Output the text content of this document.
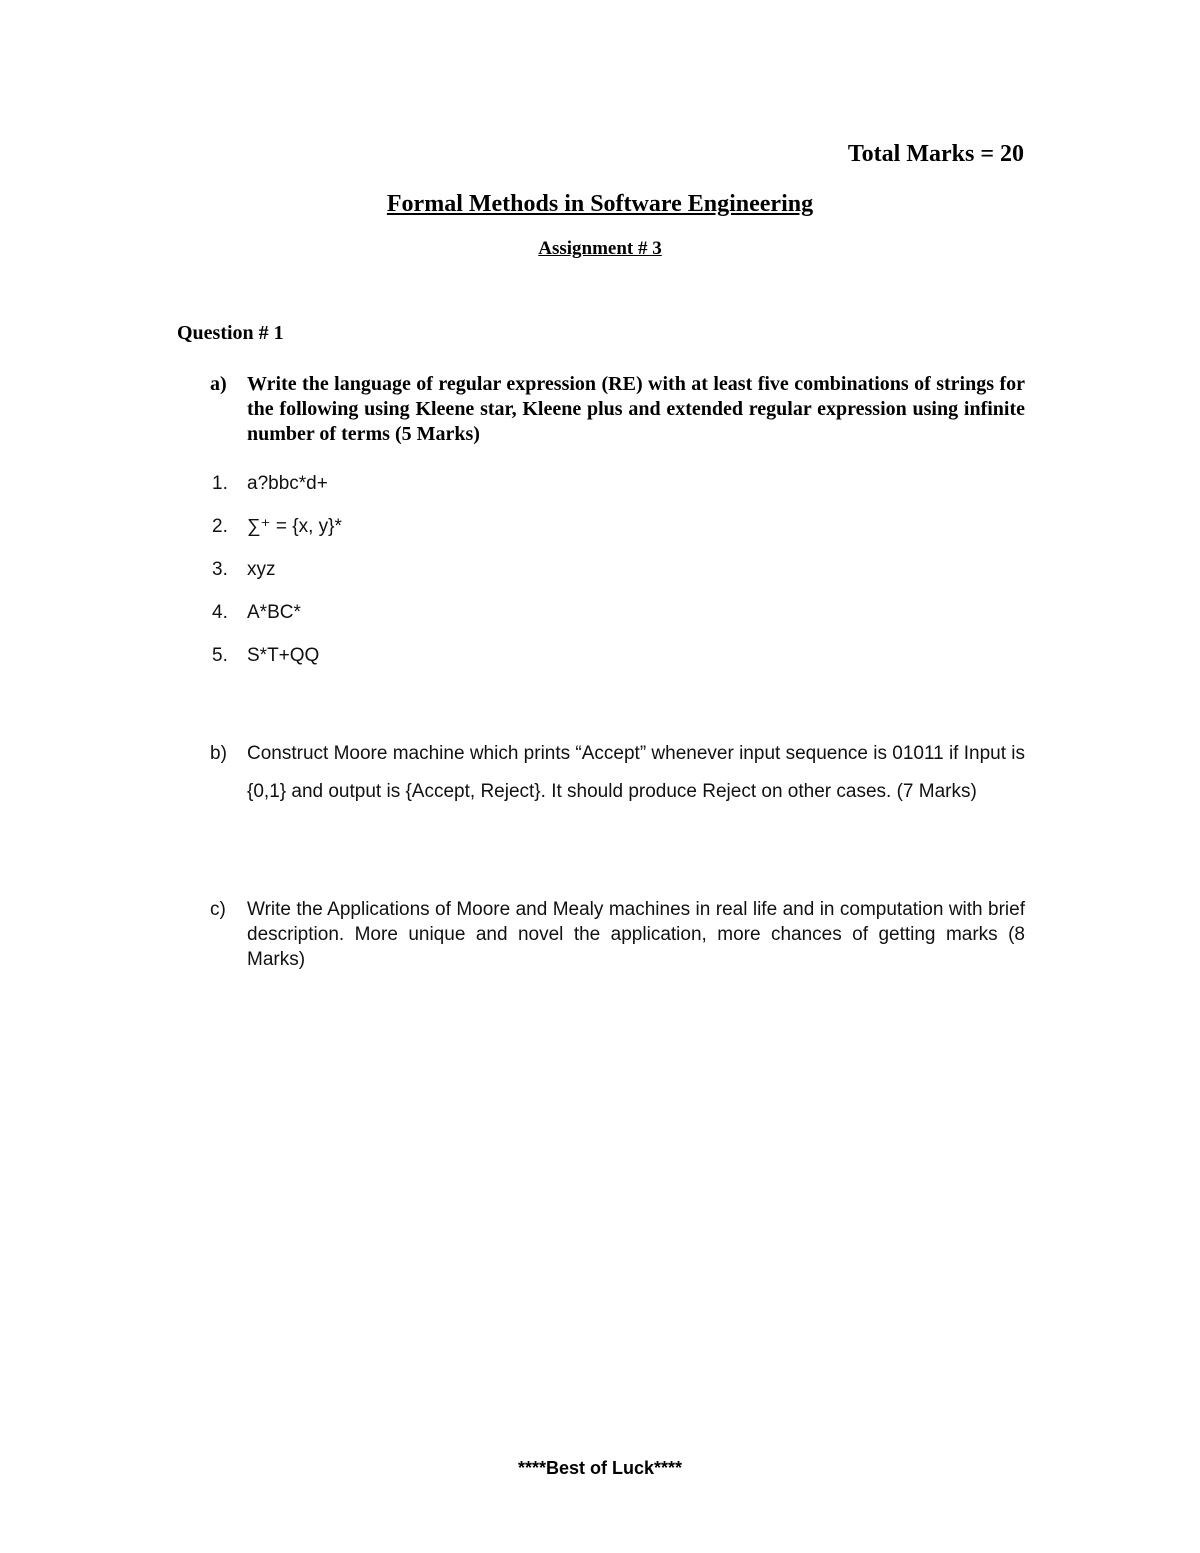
Total Marks = 20
Formal Methods in Software Engineering
Assignment # 3
Question # 1
a) Write the language of regular expression (RE) with at least five combinations of strings for the following using Kleene star, Kleene plus and extended regular expression using infinite number of terms (5 Marks)
1.	a?bbc*d+
2.	∑⁺ = {x, y}*
3.	xyz
4.	A*BC*
5.	S*T+QQ
b) Construct Moore machine which prints “Accept” whenever input sequence is 01011 if Input is {0,1} and output is {Accept, Reject}. It should produce Reject on other cases. (7 Marks)
c) Write the Applications of Moore and Mealy machines in real life and in computation with brief description. More unique and novel the application, more chances of getting marks (8 Marks)
****Best of Luck****
